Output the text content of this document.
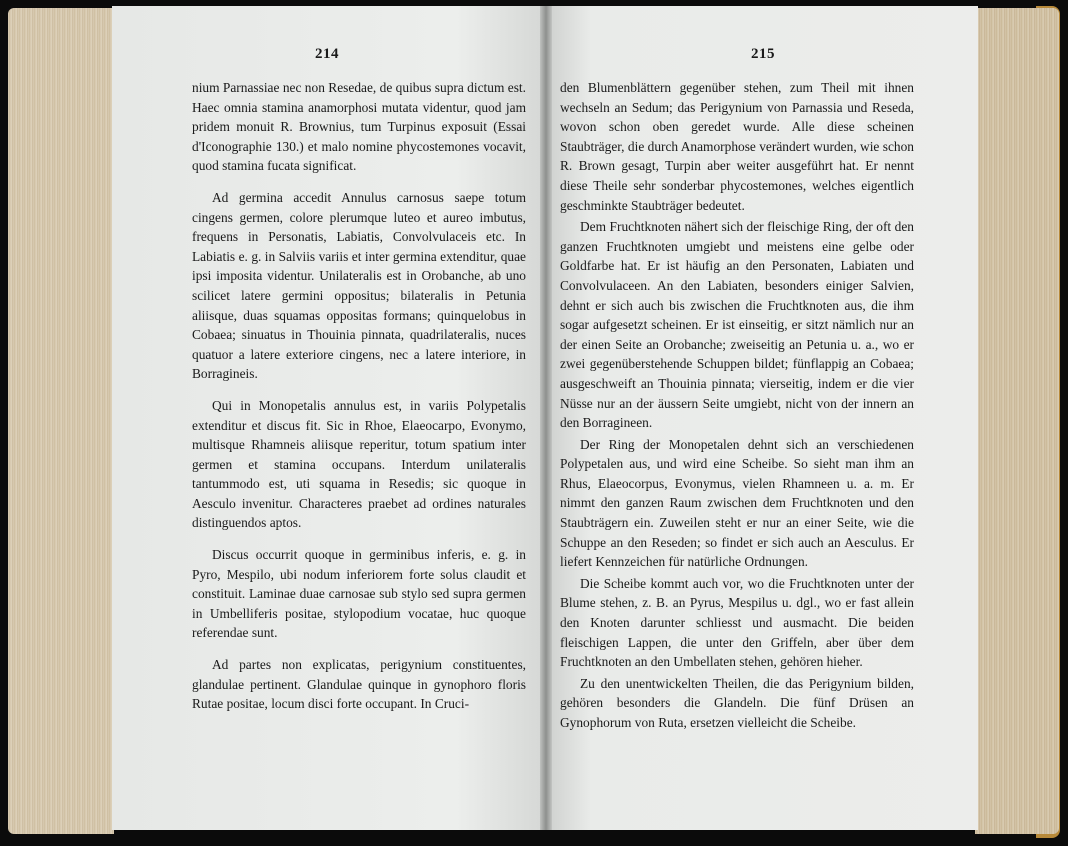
214

nium Parnassiae nec non Resedae, de quibus supra dictum est. Haec omnia stamina anamorphosi mutata videntur, quod jam pridem monuit R. Brownius, tum Turpinus exposuit (Essai d'Iconographie 130.) et malo nomine phycostemones vocavit, quod stamina fucata significat.

Ad germina accedit Annulus carnosus saepe totum cingens germen, colore plerumque luteo et aureo imbutus, frequens in Personatis, Labiatis, Convolvulaceis etc. In Labiatis e. g. in Salviis variis et inter germina extenditur, quae ipsi imposita videntur. Unilateralis est in Orobanche, ab uno scilicet latere germini oppositus; bilateralis in Petunia aliisque, duas squamas oppositas formans; quinquelobus in Cobaea; sinuatus in Thouinia pinnata, quadrilateralis, nuces quatuor a latere exteriore cingens, nec a latere interiore, in Borragineis.

Qui in Monopetalis annulus est, in variis Polypetalis extenditur et discus fit. Sic in Rhoe, Elaeocarpo, Evonymo, multisque Rhamneis aliisque reperitur, totum spatium inter germen et stamina occupans. Interdum unilateralis tantummodo est, uti squama in Resedis; sic quoque in Aesculo invenitur. Characteres praebet ad ordines naturales distinguendos aptos.

Discus occurrit quoque in germinibus inferis, e. g. in Pyro, Mespilo, ubi nodum inferiorem forte solus claudit et constituit. Laminae duae carnosae sub stylo sed supra germen in Umbelliferis positae, stylopodium vocatae, huc quoque referendae sunt.

Ad partes non explicatas, perigynium constituentes, glandulae pertinent. Glandulae quinque in gynophoro floris Rutae positae, locum disci forte occupant. In Cruci-

215

den Blumenblättern gegenüber stehen, zum Theil mit ihnen wechseln an Sedum; das Perigynium von Parnassia und Reseda, wovon schon oben geredet wurde. Alle diese scheinen Staubträger, die durch Anamorphose verändert wurden, wie schon R. Brown gesagt, Turpin aber weiter ausgeführt hat. Er nennt diese Theile sehr sonderbar phycostemones, welches eigentlich geschminkte Staubträger bedeutet.

Dem Fruchtknoten nähert sich der fleischige Ring, der oft den ganzen Fruchtknoten umgiebt und meistens eine gelbe oder Goldfarbe hat. Er ist häufig an den Personaten, Labiaten und Convolvulaceen. An den Labiaten, besonders einiger Salvien, dehnt er sich auch bis zwischen die Fruchtknoten aus, die ihm sogar aufgesetzt scheinen. Er ist einseitig, er sitzt nämlich nur an der einen Seite an Orobanche; zweiseitig an Petunia u. a., wo er zwei gegenüberstehende Schuppen bildet; fünflappig an Cobaea; ausgeschweift an Thouinia pinnata; vierseitig, indem er die vier Nüsse nur an der äussern Seite umgiebt, nicht von der innern an den Borragineen.

Der Ring der Monopetalen dehnt sich an verschiedenen Polypetalen aus, und wird eine Scheibe. So sieht man ihm an Rhus, Elaeocorpus, Evonymus, vielen Rhamneen u. a. m. Er nimmt den ganzen Raum zwischen dem Fruchtknoten und den Staubträgern ein. Zuweilen steht er nur an einer Seite, wie die Schuppe an den Reseden; so findet er sich auch an Aesculus. Er liefert Kennzeichen für natürliche Ordnungen.

Die Scheibe kommt auch vor, wo die Fruchtknoten unter der Blume stehen, z. B. an Pyrus, Mespilus u. dgl., wo er fast allein den Knoten darunter schliesst und ausmacht. Die beiden fleischigen Lappen, die unter den Griffeln, aber über dem Fruchtknoten an den Umbellaten stehen, gehören hieher.

Zu den unentwickelten Theilen, die das Perigynium bilden, gehören besonders die Glandeln. Die fünf Drüsen an Gynophorum von Ruta, ersetzen vielleicht die Scheibe.
